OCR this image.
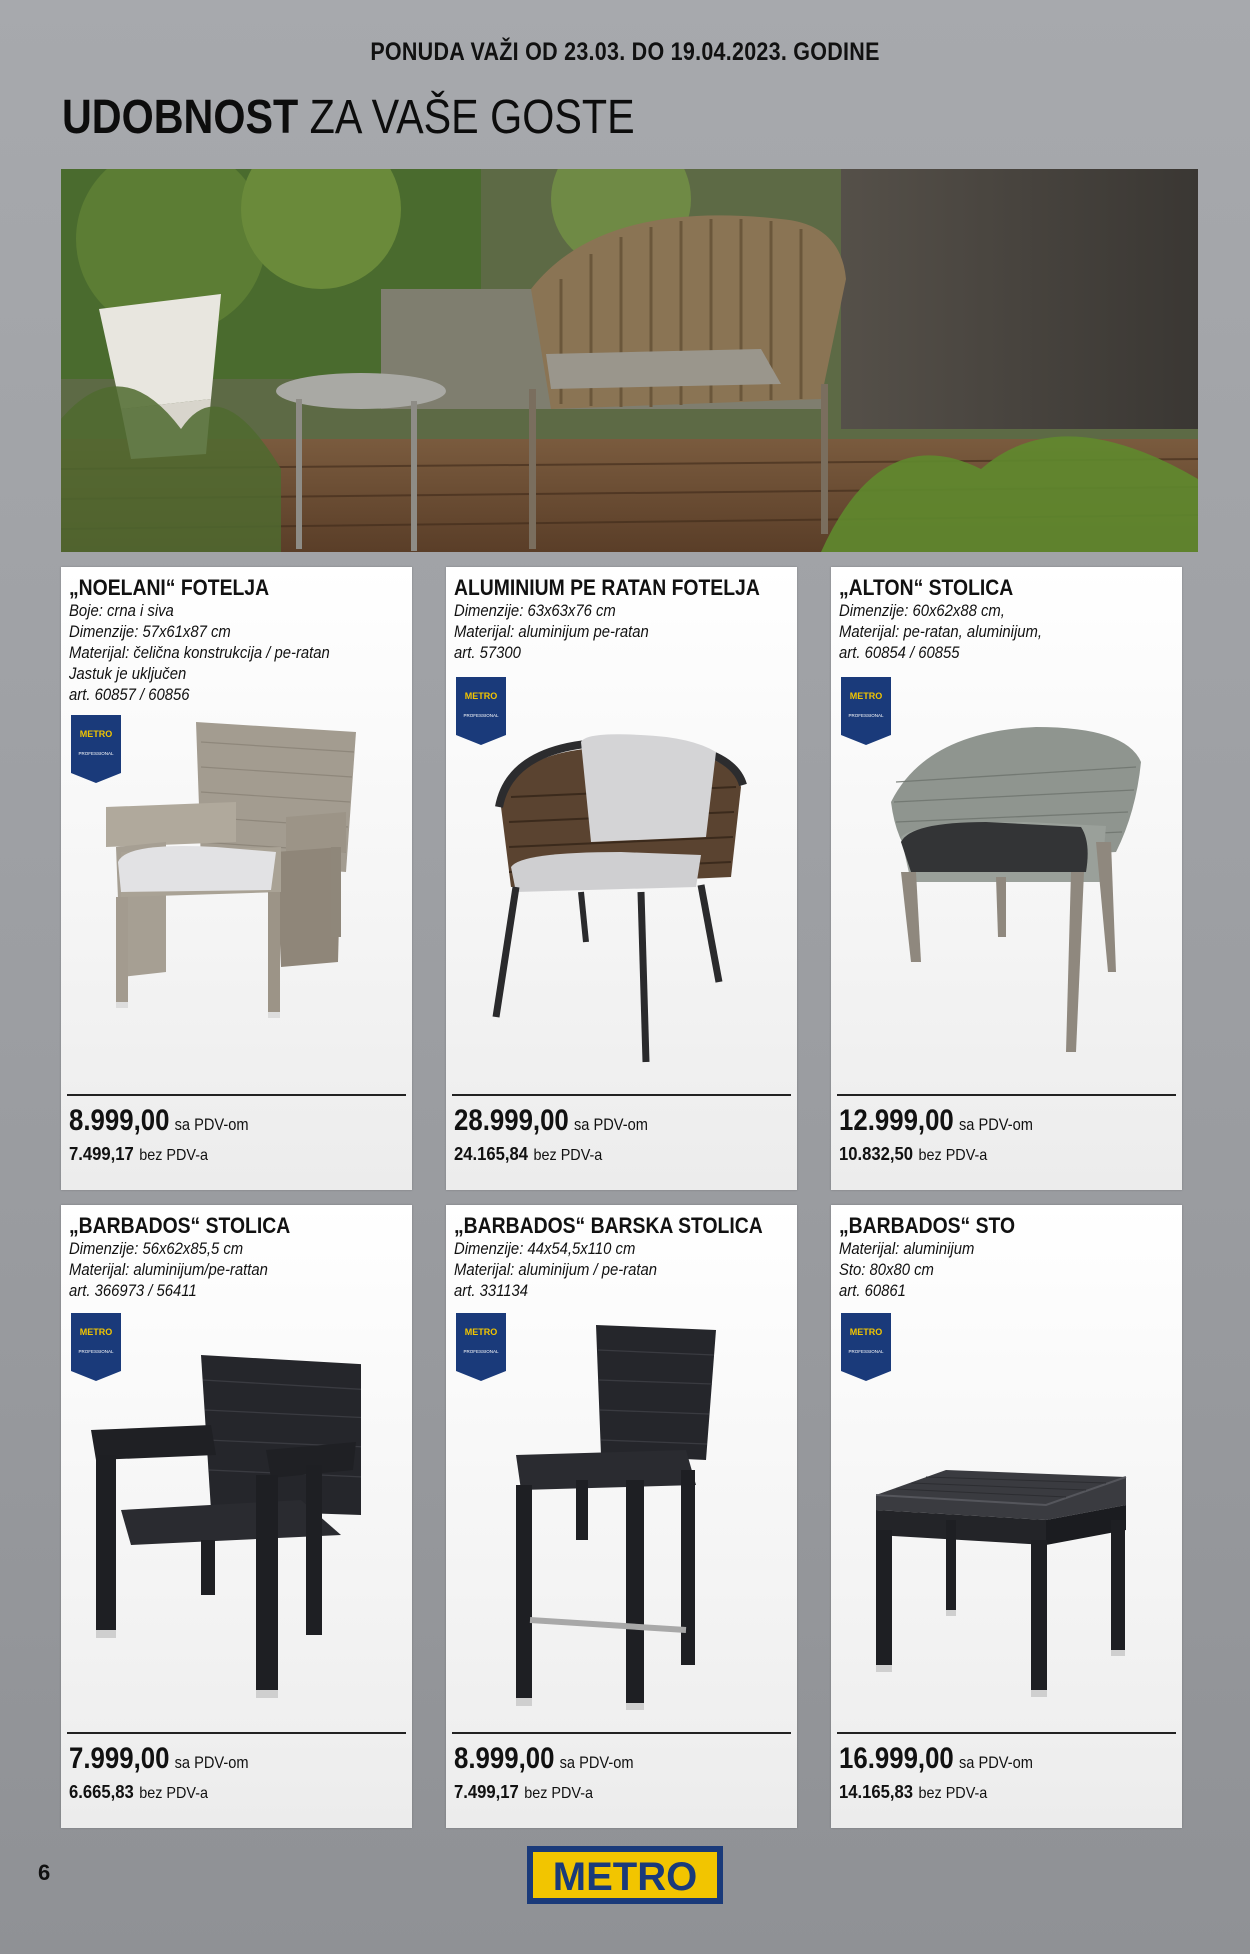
PONUDA VAŽI OD 23.03. DO 19.04.2023. GODINE
UDOBNOST ZA VAŠE GOSTE
„NOELANI“ FOTELJA
Boje: crna i siva
Dimenzije: 57x61x87 cm
Materijal: čelična konstrukcija / pe-ratan
Jastuk je uključen
art. 60857 / 60856
METRO
PROFESSIONAL
8.999,00 sa PDV-om
7.499,17 bez PDV-a
ALUMINIUM PE RATAN FOTELJA
Dimenzije: 63x63x76 cm
Materijal: aluminijum pe-ratan
art. 57300
METRO
PROFESSIONAL
28.999,00 sa PDV-om
24.165,84 bez PDV-a
„ALTON“ STOLICA
Dimenzije: 60x62x88 cm,
Materijal: pe-ratan, aluminijum,
art. 60854 / 60855
METRO
PROFESSIONAL
12.999,00 sa PDV-om
10.832,50 bez PDV-a
„BARBADOS“ STOLICA
Dimenzije: 56x62x85,5 cm
Materijal: aluminijum/pe-rattan
art. 366973 / 56411
METRO
PROFESSIONAL
7.999,00 sa PDV-om
6.665,83 bez PDV-a
„BARBADOS“ BARSKA STOLICA
Dimenzije: 44x54,5x110 cm
Materijal: aluminijum / pe-ratan
art. 331134
METRO
PROFESSIONAL
8.999,00 sa PDV-om
7.499,17 bez PDV-a
„BARBADOS“ STO
Materijal: aluminijum
Sto: 80x80 cm
art. 60861
METRO
PROFESSIONAL
16.999,00 sa PDV-om
14.165,83 bez PDV-a
6	METRO
